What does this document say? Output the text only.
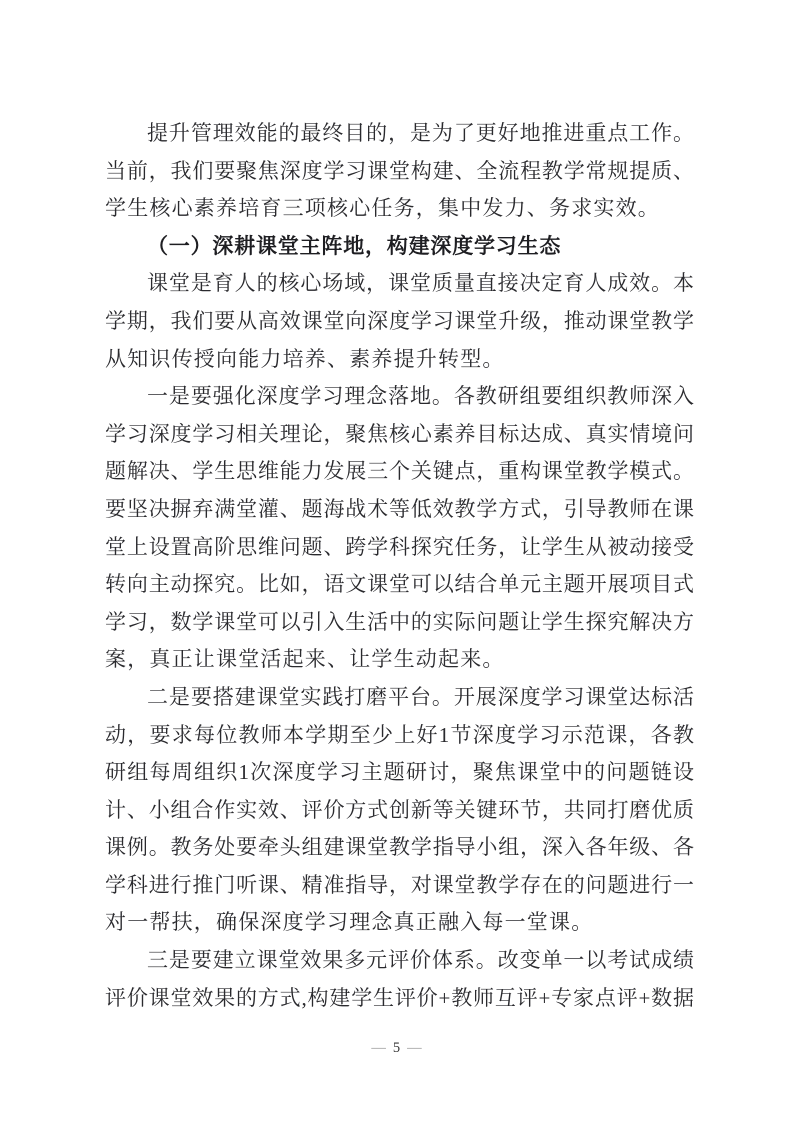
提升管理效能的最终目的，是为了更好地推进重点工作。
当前，我们要聚焦深度学习课堂构建、全流程教学常规提质、
学生核心素养培育三项核心任务，集中发力、务求实效。
（一）深耕课堂主阵地，构建深度学习生态
课堂是育人的核心场域，课堂质量直接决定育人成效。本
学期，我们要从高效课堂向深度学习课堂升级，推动课堂教学
从知识传授向能力培养、素养提升转型。
一是要强化深度学习理念落地。各教研组要组织教师深入
学习深度学习相关理论，聚焦核心素养目标达成、真实情境问
题解决、学生思维能力发展三个关键点，重构课堂教学模式。
要坚决摒弃满堂灌、题海战术等低效教学方式，引导教师在课
堂上设置高阶思维问题、跨学科探究任务，让学生从被动接受
转向主动探究。比如，语文课堂可以结合单元主题开展项目式
学习，数学课堂可以引入生活中的实际问题让学生探究解决方
案，真正让课堂活起来、让学生动起来。
二是要搭建课堂实践打磨平台。开展深度学习课堂达标活
动，要求每位教师本学期至少上好1节深度学习示范课，各教
研组每周组织1次深度学习主题研讨，聚焦课堂中的问题链设
计、小组合作实效、评价方式创新等关键环节，共同打磨优质
课例。教务处要牵头组建课堂教学指导小组，深入各年级、各
学科进行推门听课、精准指导，对课堂教学存在的问题进行一
对一帮扶，确保深度学习理念真正融入每一堂课。
三是要建立课堂效果多元评价体系。改变单一以考试成绩
评价课堂效果的方式,构建学生评价+教师互评+专家点评+数据
— 5 —
